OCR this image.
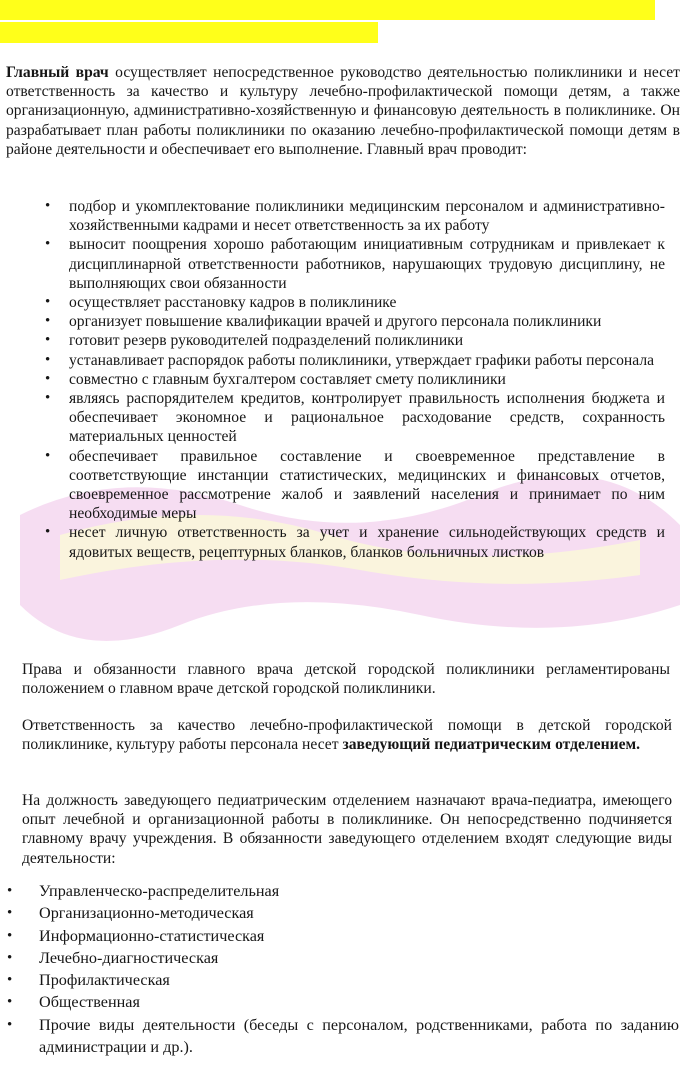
Главный врач осуществляет непосредственное руководство деятельностью поликлиники и несет ответственность за качество и культуру лечебно-профилактической помощи детям, а также организационную, административно-хозяйственную и финансовую деятельность в поликлинике. Он разрабатывает план работы поликлиники по оказанию лечебно-профилактической помощи детям в районе деятельности и обеспечивает его выполнение. Главный врач проводит:

• подбор и укомплектование поликлиники медицинским персоналом и административно-хозяйственными кадрами и несет ответственность за их работу
• выносит поощрения хорошо работающим инициативным сотрудникам и привлекает к дисциплинарной ответственности работников, нарушающих трудовую дисциплину, не выполняющих свои обязанности
• осуществляет расстановку кадров в поликлинике
• организует повышение квалификации врачей и другого персонала поликлиники
• готовит резерв руководителей подразделений поликлиники
• устанавливает распорядок работы поликлиники, утверждает графики работы персонала
• совместно с главным бухгалтером составляет смету поликлиники
• являясь распорядителем кредитов, контролирует правильность исполнения бюджета и обеспечивает экономное и рациональное расходование средств, сохранность материальных ценностей
• обеспечивает правильное составление и своевременное представление в соответствующие инстанции статистических, медицинских и финансовых отчетов, своевременное рассмотрение жалоб и заявлений населения и принимает по ним необходимые меры
• несет личную ответственность за учет и хранение сильнодействующих средств и ядовитых веществ, рецептурных бланков, бланков больничных листков

Права и обязанности главного врача детской городской поликлиники регламентированы положением о главном враче детской городской поликлиники.

Ответственность за качество лечебно-профилактической помощи в детской городской поликлинике, культуру работы персонала несет заведующий педиатрическим отделением.

На должность заведующего педиатрическим отделением назначают врача-педиатра, имеющего опыт лечебной и организационной работы в поликлинике. Он непосредственно подчиняется главному врачу учреждения. В обязанности заведующего отделением входят следующие виды деятельности:

• Управленческо-распределительная
• Организационно-методическая
• Информационно-статистическая
• Лечебно-диагностическая
• Профилактическая
• Общественная
• Прочие виды деятельности (беседы с персоналом, родственниками, работа по заданию администрации и др.).
